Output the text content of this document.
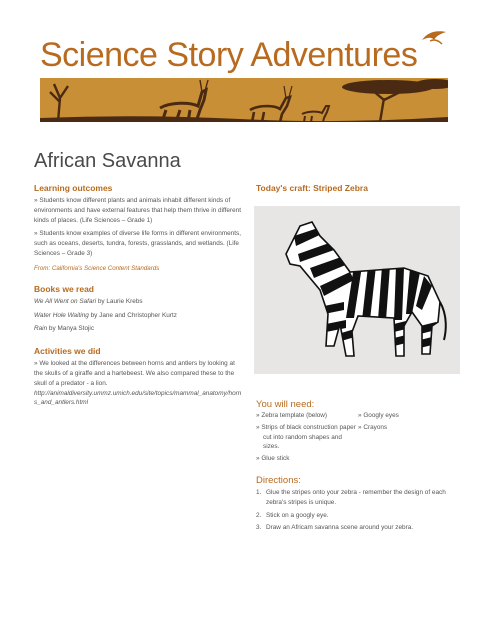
Science Story Adventures
African Savanna
Learning outcomes
» Students know different plants and animals inhabit different kinds of environments and have external features that help them thrive in different kinds of places. (Life Sciences – Grade 1)
» Students know examples of diverse life forms in different environments, such as oceans, deserts, tundra, forests, grasslands, and wetlands. (Life Sciences – Grade 3)
From: California's Science Content Standards
Books we read
We All Went on Safari by Laurie Krebs
Water Hole Waiting by Jane and Christopher Kurtz
Rain by Manya Stojic
Activities we did
» We looked at the differences between horns and antlers by looking at the skulls of a giraffe and a hartebeest. We also compared these to the skull of a predator - a lion.
http://animaldiversity.ummz.umich.edu/site/topics/mammal_anatomy/horns_and_antlers.html
Today's craft: Striped Zebra
You will need:
» Zebra template (below)
» Strips of black construction paper cut into random shapes and sizes.
» Glue stick
» Googly eyes
» Crayons
Directions:
1. Glue the stripes onto your zebra - remember the design of each zebra's stripes is unique.
2. Stick on a googly eye.
3. Draw an Africam savanna scene around your zebra.
